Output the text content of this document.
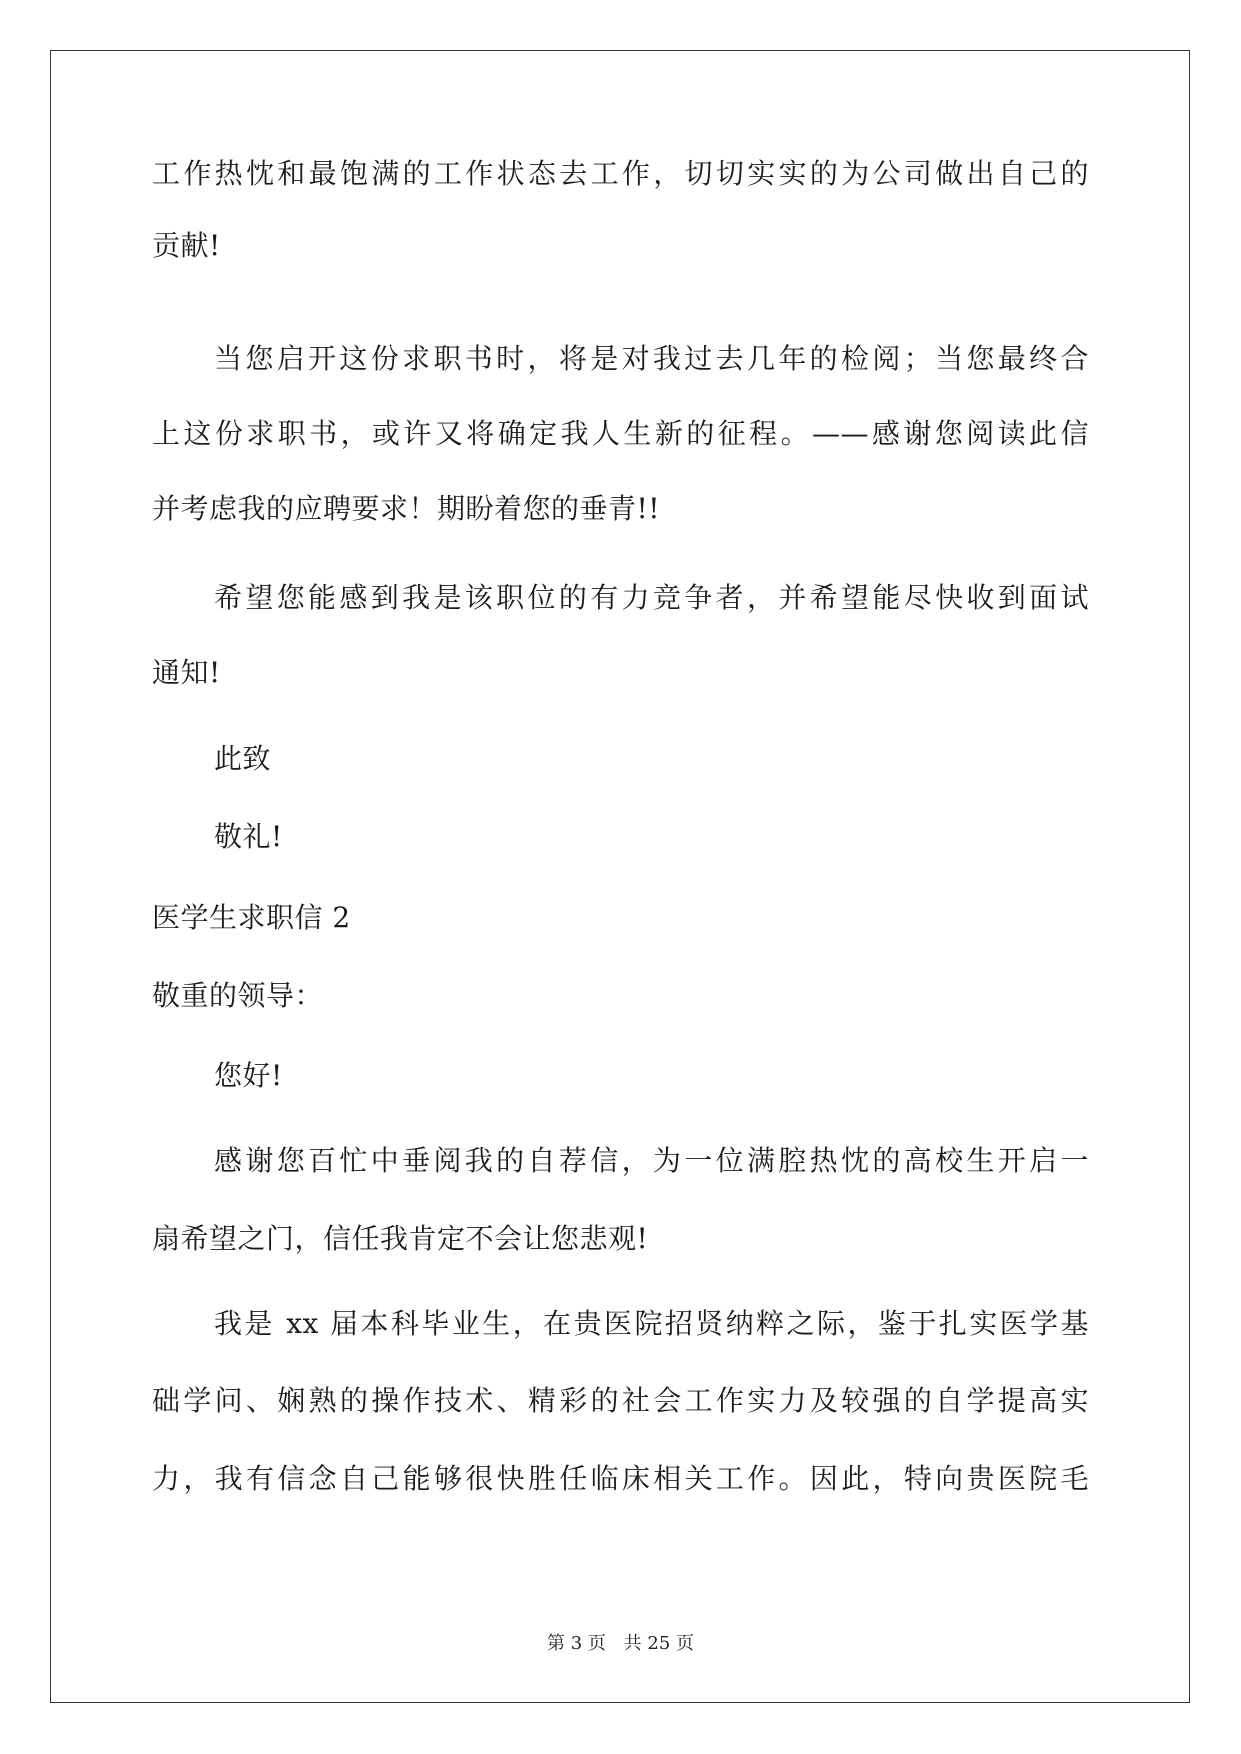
工作热忱和最饱满的工作状态去工作，切切实实的为公司做出自己的
贡献!
当您启开这份求职书时，将是对我过去几年的检阅；当您最终合
上这份求职书，或许又将确定我人生新的征程。——感谢您阅读此信
并考虑我的应聘要求！期盼着您的垂青!!
希望您能感到我是该职位的有力竞争者，并希望能尽快收到面试
通知!
此致
敬礼!
医学生求职信 2
敬重的领导：
您好!
感谢您百忙中垂阅我的自荐信，为一位满腔热忱的高校生开启一
扇希望之门，信任我肯定不会让您悲观!
我是 xx 届本科毕业生，在贵医院招贤纳粹之际，鉴于扎实医学基
础学问、娴熟的操作技术、精彩的社会工作实力及较强的自学提高实
力，我有信念自己能够很快胜任临床相关工作。因此，特向贵医院毛
第 3 页 共 25 页
